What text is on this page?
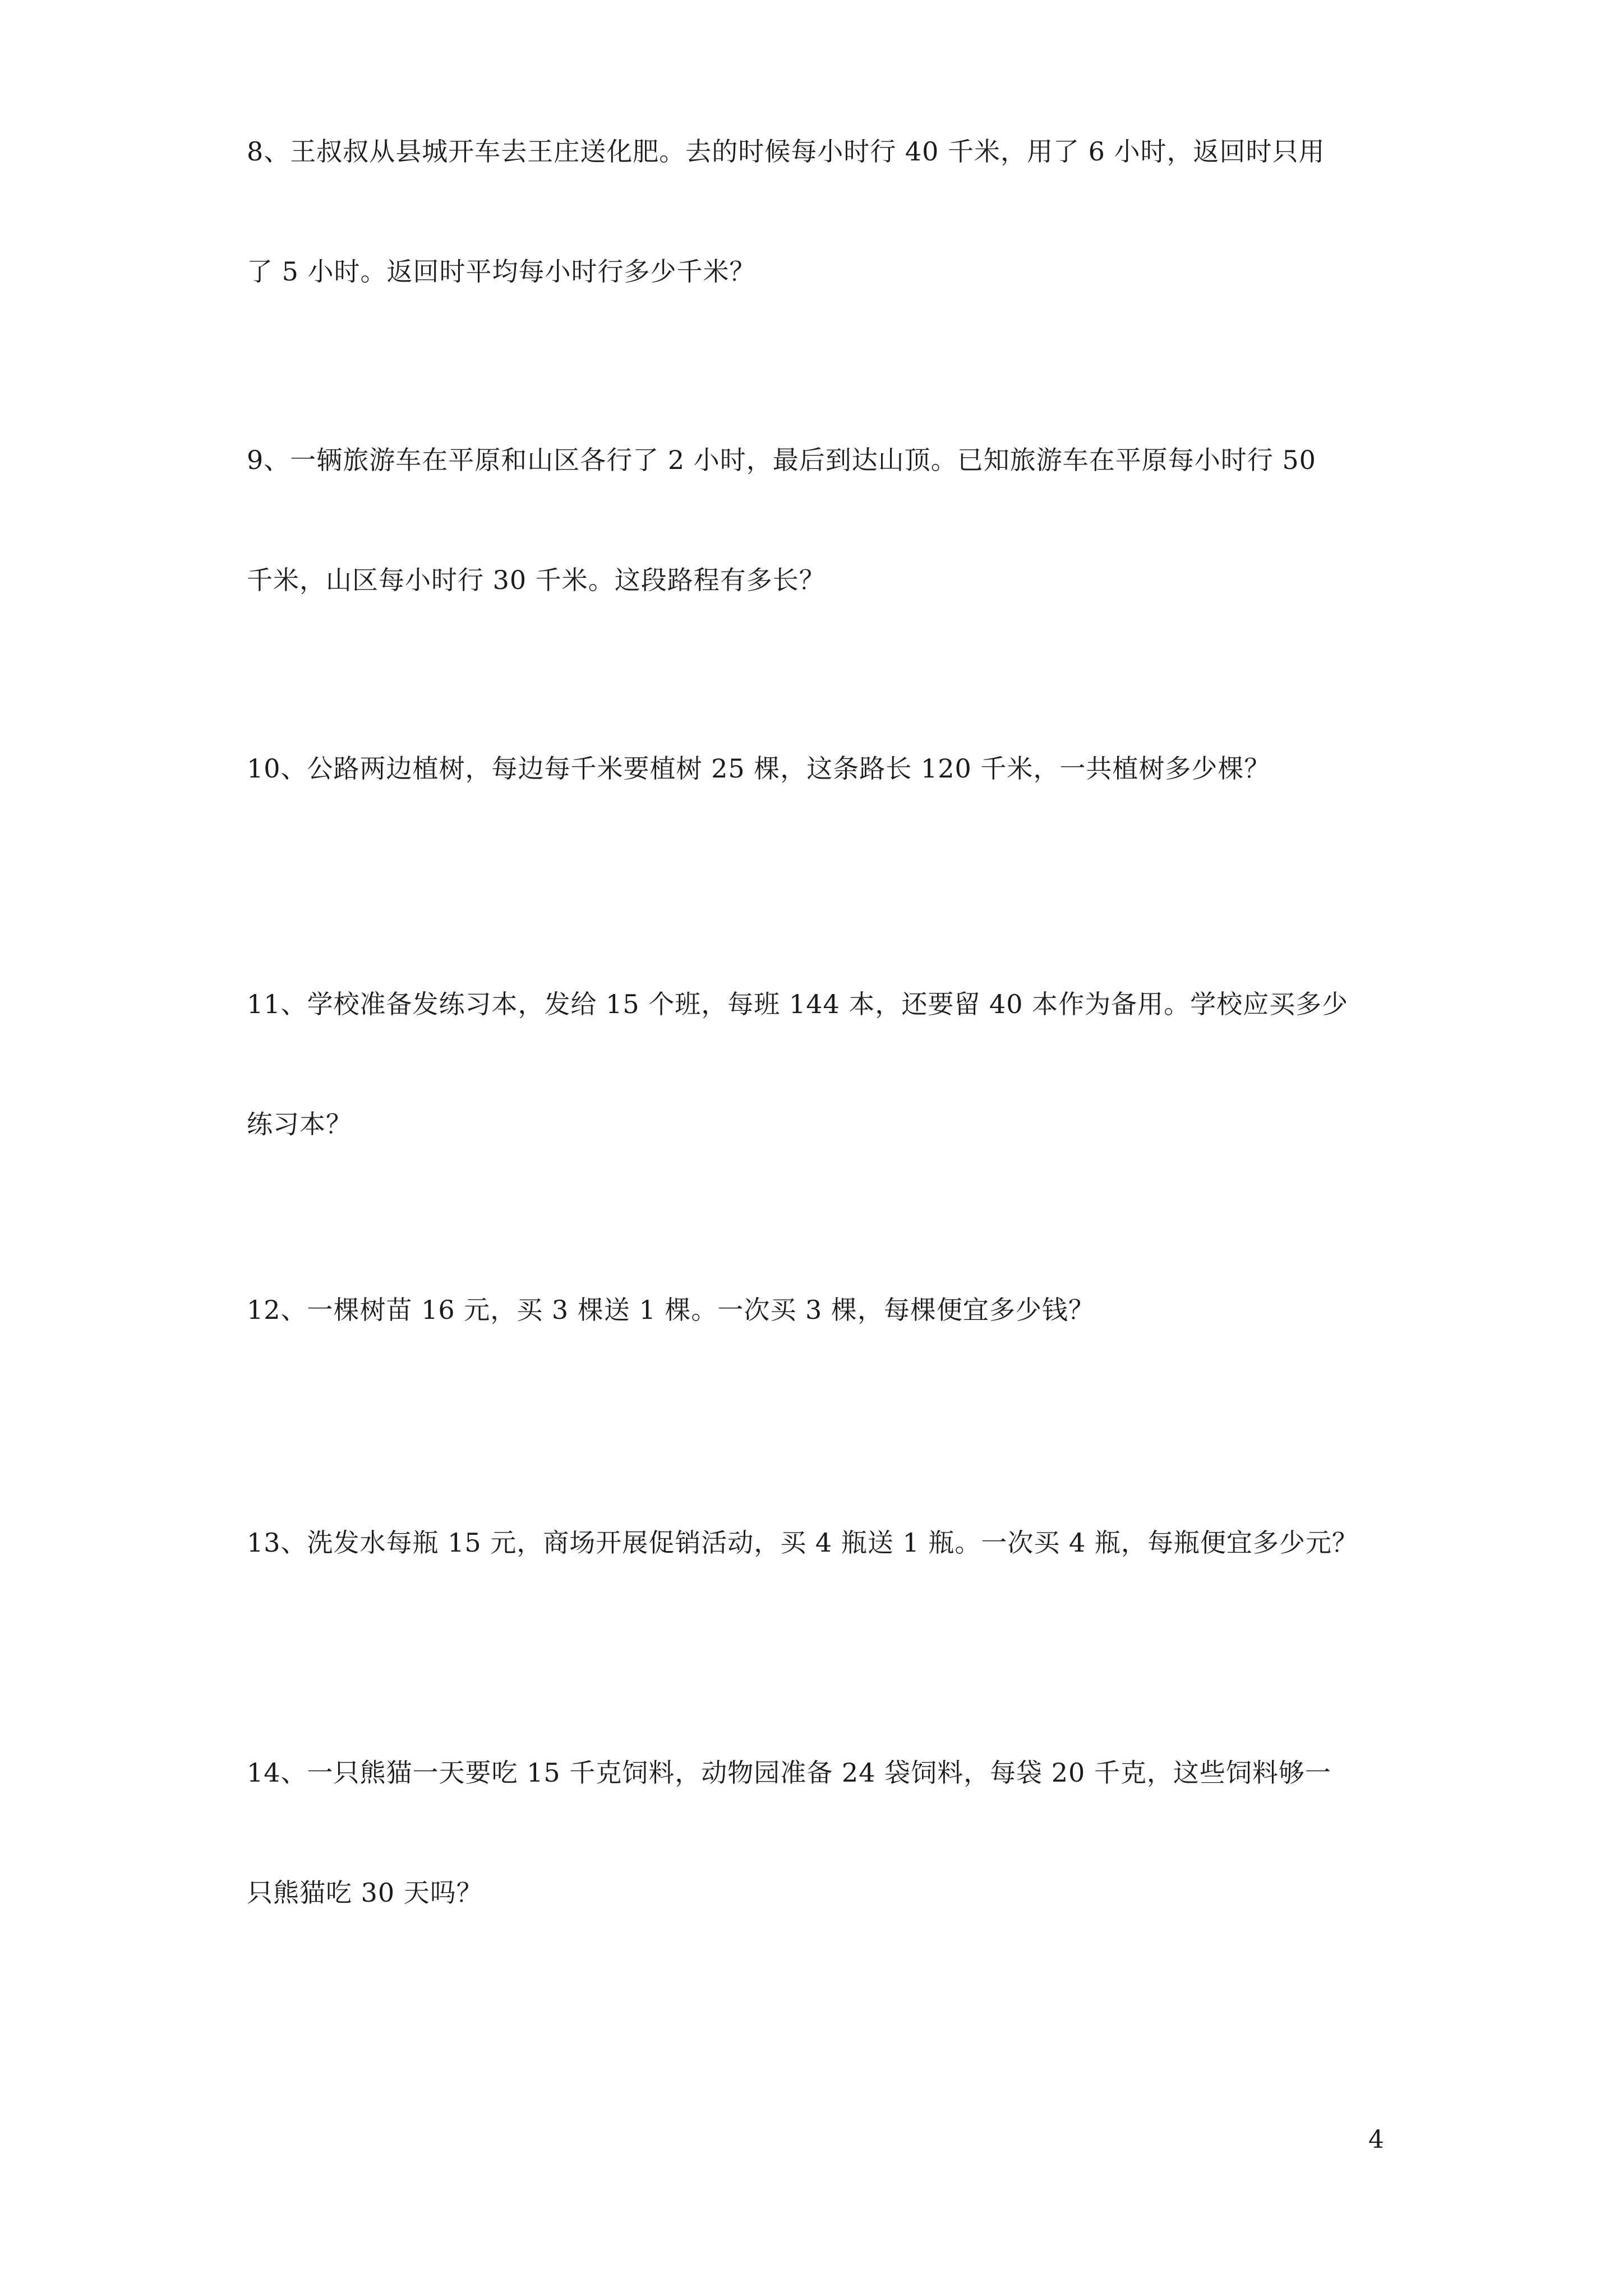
8、王叔叔从县城开车去王庄送化肥。去的时候每小时行 40 千米，用了 6 小时，返回时只用
了 5 小时。返回时平均每小时行多少千米？
9、一辆旅游车在平原和山区各行了 2 小时，最后到达山顶。已知旅游车在平原每小时行 50
千米，山区每小时行 30 千米。这段路程有多长？
10、公路两边植树，每边每千米要植树 25 棵，这条路长 120 千米，一共植树多少棵？
11、学校准备发练习本，发给 15 个班，每班 144 本，还要留 40 本作为备用。学校应买多少
练习本？
12、一棵树苗 16 元，买 3 棵送 1 棵。一次买 3 棵，每棵便宜多少钱？
13、洗发水每瓶 15 元，商场开展促销活动，买 4 瓶送 1 瓶。一次买 4 瓶，每瓶便宜多少元？
14、一只熊猫一天要吃 15 千克饲料，动物园准备 24 袋饲料，每袋 20 千克，这些饲料够一
只熊猫吃 30 天吗？
4
